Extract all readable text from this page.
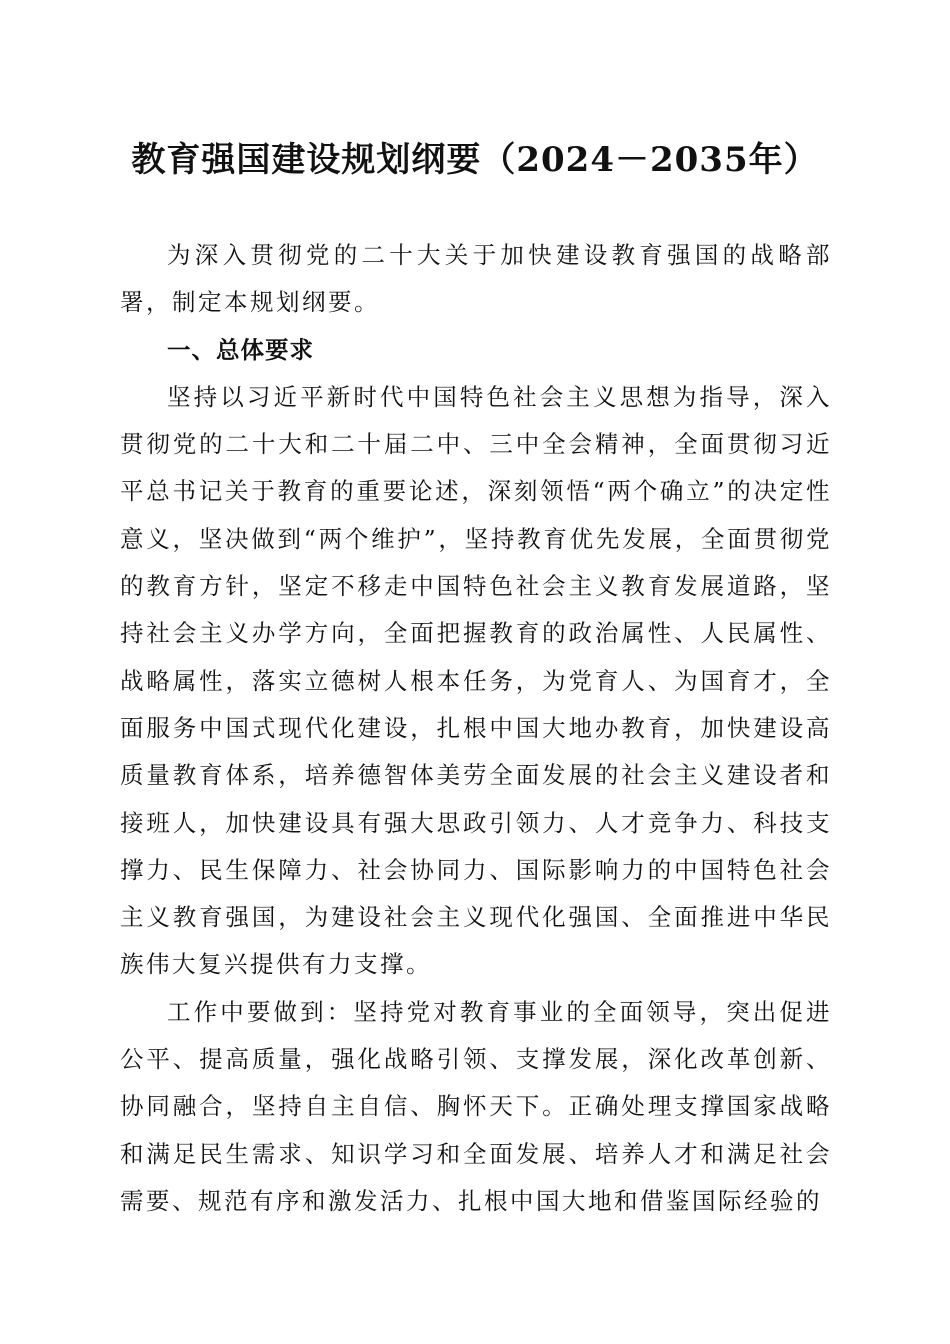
教育强国建设规划纲要（2024－2035年）

为深入贯彻党的二十大关于加快建设教育强国的战略部署，制定本规划纲要。

一、总体要求

坚持以习近平新时代中国特色社会主义思想为指导，深入贯彻党的二十大和二十届二中、三中全会精神，全面贯彻习近平总书记关于教育的重要论述，深刻领悟“两个确立”的决定性意义，坚决做到“两个维护”，坚持教育优先发展，全面贯彻党的教育方针，坚定不移走中国特色社会主义教育发展道路，坚持社会主义办学方向，全面把握教育的政治属性、人民属性、战略属性，落实立德树人根本任务，为党育人、为国育才，全面服务中国式现代化建设，扎根中国大地办教育，加快建设高质量教育体系，培养德智体美劳全面发展的社会主义建设者和接班人，加快建设具有强大思政引领力、人才竞争力、科技支撑力、民生保障力、社会协同力、国际影响力的中国特色社会主义教育强国，为建设社会主义现代化强国、全面推进中华民族伟大复兴提供有力支撑。

工作中要做到：坚持党对教育事业的全面领导，突出促进公平、提高质量，强化战略引领、支撑发展，深化改革创新、协同融合，坚持自主自信、胸怀天下。正确处理支撑国家战略和满足民生需求、知识学习和全面发展、培养人才和满足社会需要、规范有序和激发活力、扎根中国大地和借鉴国际经验的
